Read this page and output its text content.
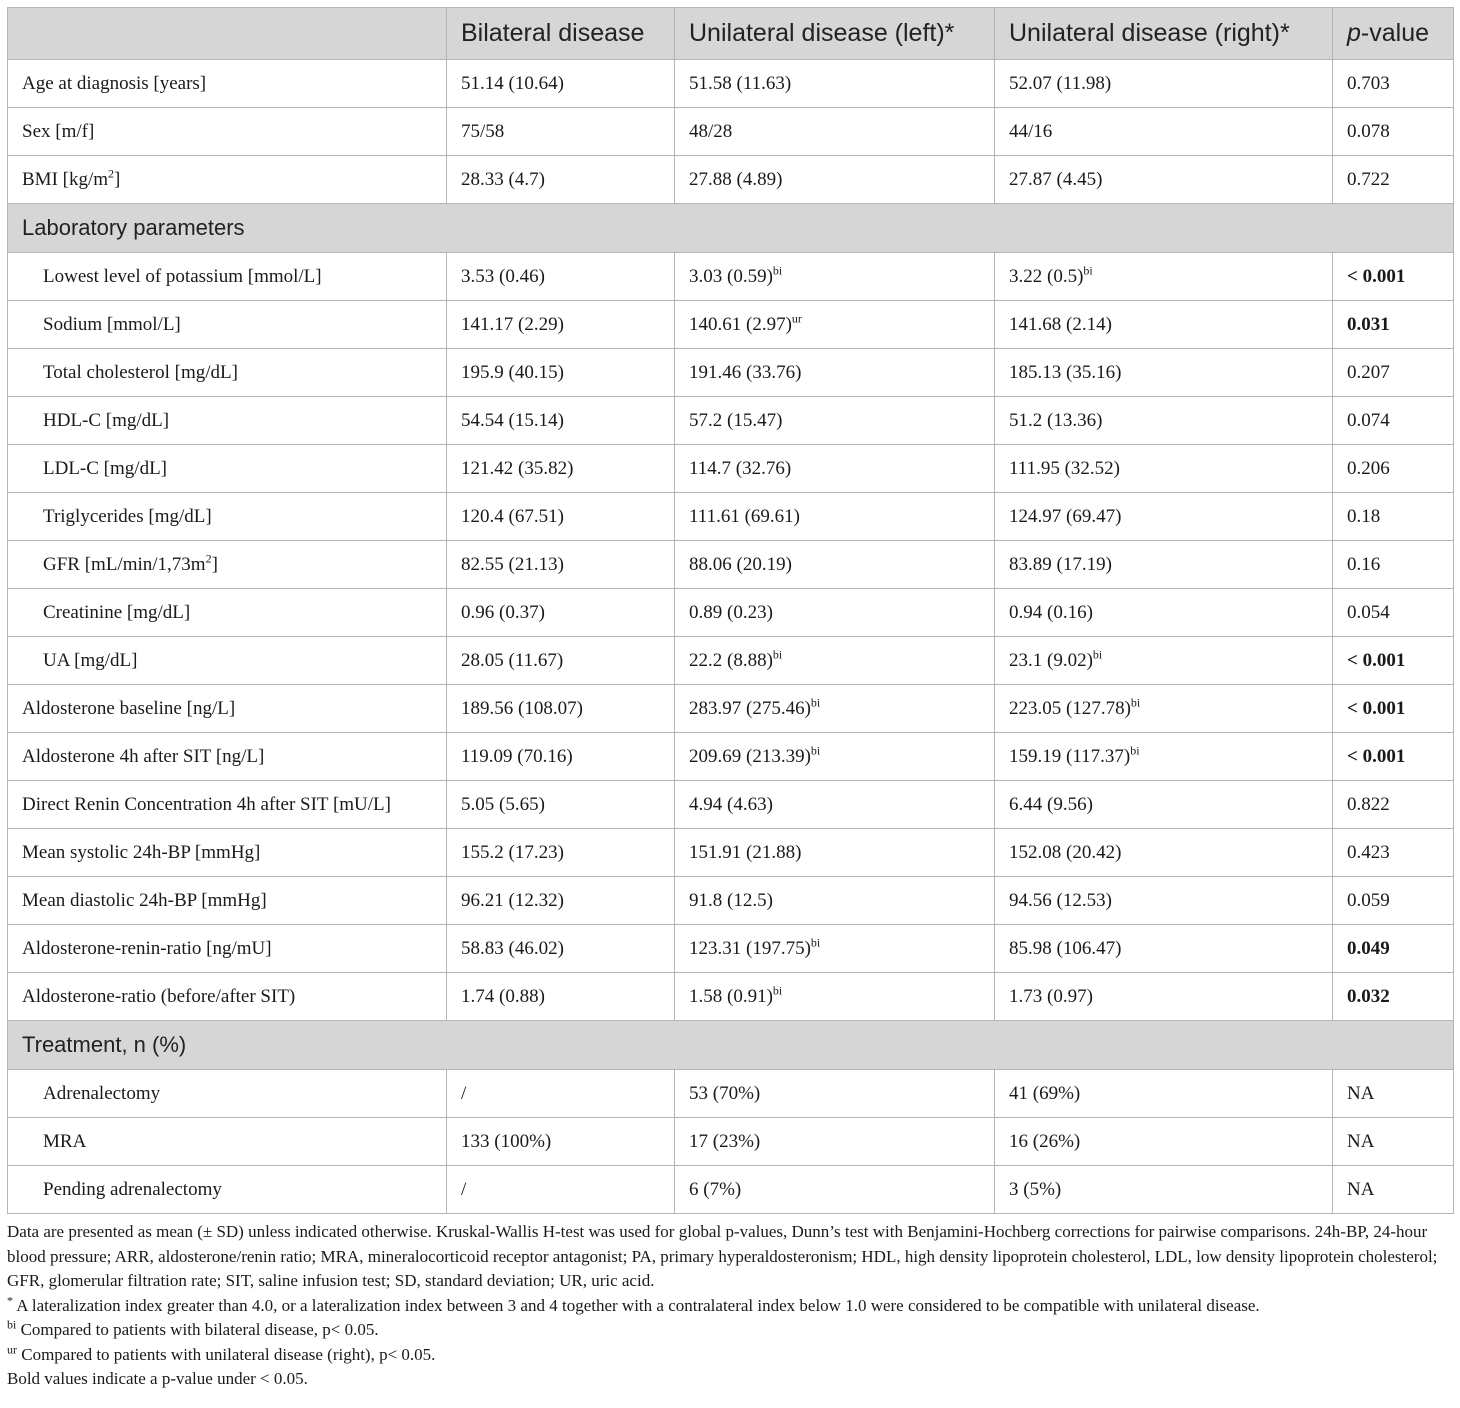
	Bilateral disease	Unilateral disease (left)*	Unilateral disease (right)*	p-value
Age at diagnosis [years]	51.14 (10.64)	51.58 (11.63)	52.07 (11.98)	0.703
Sex [m/f]	75/58	48/28	44/16	0.078
BMI $[kg/m^2]$	28.33 (4.7)	27.88 (4.89)	27.87 (4.45)	0.722
Laboratory parameters				
Lowest level of potassium [mmol/L]	3.53 (0.46)	3.03 $(0.59)^{bi}$	3.22 $(0.5)^{bi}$	< 0.001
Sodium [mmol/L]	141.17 (2.29)	140.61 $(2.97)^{ur}$	141.68 (2.14)	0.031
Total cholesterol [mg/dL]	195.9 (40.15)	191.46 (33.76)	185.13 (35.16)	0.207
HDL-C [mg/dL]	54.54 (15.14)	57.2 (15.47)	51.2 (13.36)	0.074
LDL-C [mg/dL]	121.42 (35.82)	114.7 (32.76)	111.95 (32.52)	0.206
Triglycerides [mg/dL]	120.4 (67.51)	111.61 (69.61)	124.97 (69.47)	0.18
GFR $[mL/\min/1,73m^2]$	82.55 (21.13)	88.06 (20.19)	83.89 (17.19)	0.16
Creatinine [mg/dL]	0.96 (0.37)	0.89 (0.23)	0.94 (0.16)	0.054
UA [mg/dL]	28.05 (11.67)	22.2 $(8.88)^{bi}$	23.1 $(9.02)^{bi}$	< 0.001
Aldosterone baseline [ng/L]	189.56 (108.07)	283.97 $(275.46)^{bi}$	223.05 $(127.78)^{bi}$	< 0.001
Aldosterone 4h after SIT [ng/L]	119.09 (70.16)	209.69 $(213.39)^{bi}$	159.19 $(117.37)^{bi}$	< 0.001
Direct Renin Concentration 4h after SIT [mU/L]	5.05 (5.65)	4.94 (4.63)	6.44 (9.56)	0.822
Mean systolic 24h-BP [mmHg]	155.2 (17.23)	151.91 (21.88)	152.08 (20.42)	0.423
Mean diastolic 24h-BP [mmHg]	96.21 (12.32)	91.8 (12.5)	94.56 (12.53)	0.059
Aldosterone-renin-ratio [ng/mU]	58.83 (46.02)	123.31 $(197.75)^{bi}$	85.98 (106.47)	0.049
Aldosterone-ratio (before/after SIT)	1.74 (0.88)	1.58 $(0.91)^{bi}$	1.73 (0.97)	0.032
Treatment, n (%)				
Adrenalectomy	/	53 (70%)	41 (69%)	NA
MRA	133 (100%)	17 (23%)	16 (26%)	NA
Pending adrenalectomy	/	6 (7%)	3 (5%)	NA

Data are presented as mean (± SD) unless indicated otherwise. Kruskal-Wallis H-test was used for global p-values, Dunn’s test with Benjamini-Hochberg corrections for pairwise comparisons. 24h-BP, 24-hour blood pressure; ARR, aldosterone/renin ratio; MRA, mineralocorticoid receptor antagonist; PA, primary hyperaldosteronism; HDL, high density lipoprotein cholesterol, LDL, low density lipoprotein cholesterol; GFR, glomerular filtration rate; SIT, saline infusion test; SD, standard deviation; UR, uric acid.

* A lateralization index greater than 4.0, or a lateralization index between 3 and 4 together with a contralateral index below 1.0 were considered to be compatible with unilateral disease.

$^{bi}$ Compared to patients with bilateral disease, p< 0.05.

$^{ur}$ Compared to patients with unilateral disease (right), p< 0.05.

Bold values indicate a p-value under < 0.05.
